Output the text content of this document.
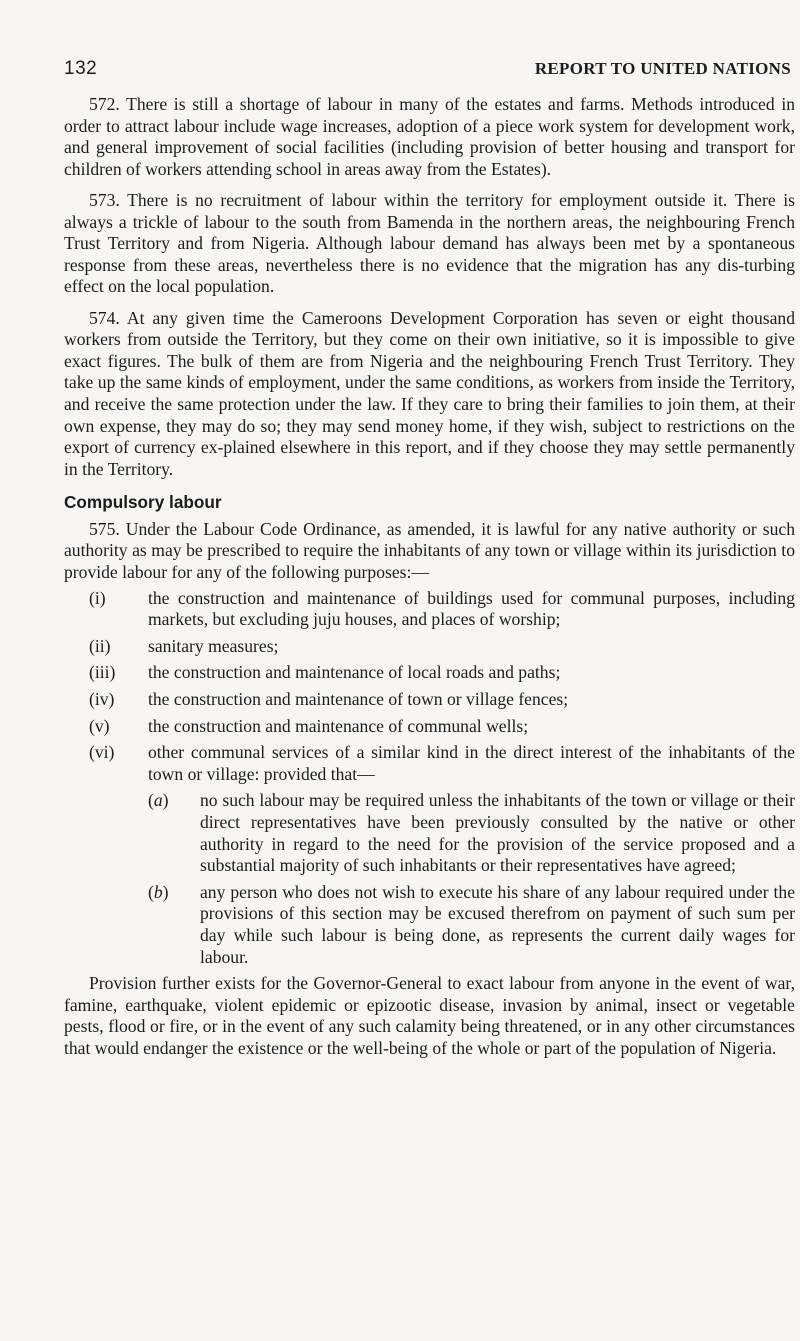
132	REPORT TO UNITED NATIONS

572. There is still a shortage of labour in many of the estates and farms. Methods introduced in order to attract labour include wage increases, adoption of a piece work system for development work, and general improvement of social facilities (including provision of better housing and transport for children of workers attending school in areas away from the Estates).

573. There is no recruitment of labour within the territory for employment outside it. There is always a trickle of labour to the south from Bamenda in the northern areas, the neighbouring French Trust Territory and from Nigeria. Although labour demand has always been met by a spontaneous response from these areas, nevertheless there is no evidence that the migration has any dis-turbing effect on the local population.

574. At any given time the Cameroons Development Corporation has seven or eight thousand workers from outside the Territory, but they come on their own initiative, so it is impossible to give exact figures. The bulk of them are from Nigeria and the neighbouring French Trust Territory. They take up the same kinds of employment, under the same conditions, as workers from inside the Territory, and receive the same protection under the law. If they care to bring their families to join them, at their own expense, they may do so; they may send money home, if they wish, subject to restrictions on the export of currency ex-plained elsewhere in this report, and if they choose they may settle permanently in the Territory.

Compulsory labour

575. Under the Labour Code Ordinance, as amended, it is lawful for any native authority or such authority as may be prescribed to require the inhabitants of any town or village within its jurisdiction to provide labour for any of the following purposes:—

(i)	the construction and maintenance of buildings used for communal purposes, including markets, but excluding juju houses, and places of worship;

(ii)	sanitary measures;

(iii)	the construction and maintenance of local roads and paths;

(iv)	the construction and maintenance of town or village fences;

(v)	the construction and maintenance of communal wells;

(vi)	other communal services of a similar kind in the direct interest of the inhabitants of the town or village: provided that—

(a)	no such labour may be required unless the inhabitants of the town or village or their direct representatives have been previously consulted by the native or other authority in regard to the need for the provision of the service proposed and a substantial majority of such inhabitants or their representatives have agreed;

(b)	any person who does not wish to execute his share of any labour required under the provisions of this section may be excused therefrom on payment of such sum per day while such labour is being done, as represents the current daily wages for labour.

Provision further exists for the Governor-General to exact labour from anyone in the event of war, famine, earthquake, violent epidemic or epizootic disease, invasion by animal, insect or vegetable pests, flood or fire, or in the event of any such calamity being threatened, or in any other circumstances that would endanger the existence or the well-being of the whole or part of the population of Nigeria.
